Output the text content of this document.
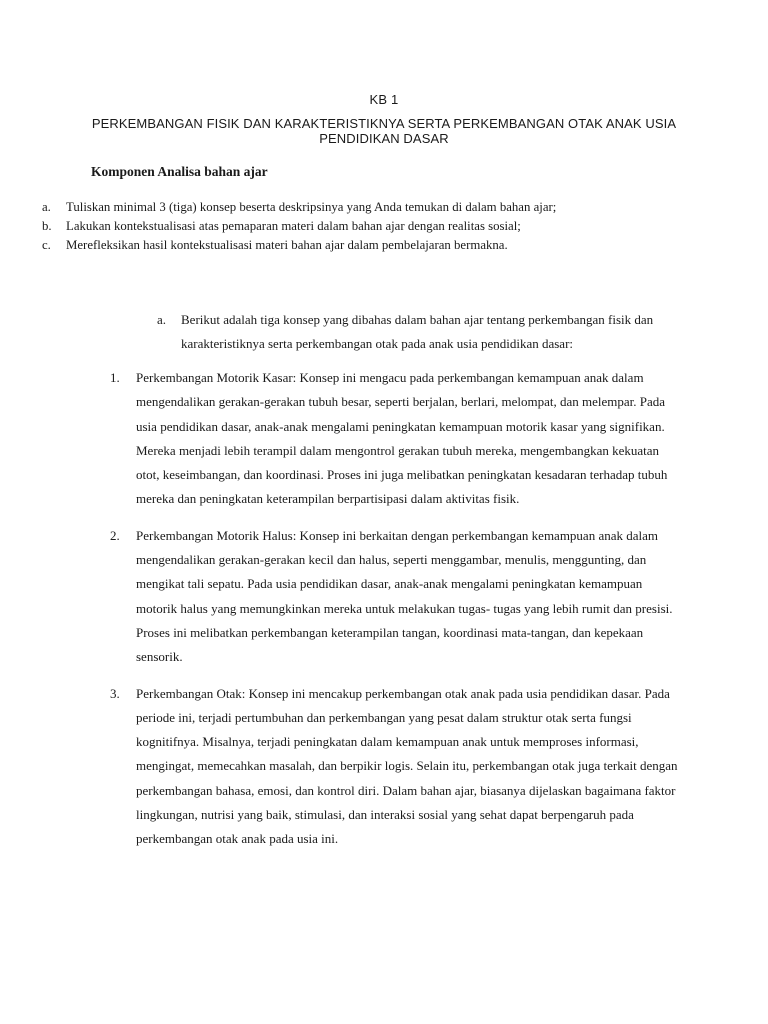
KB 1
PERKEMBANGAN FISIK DAN KARAKTERISTIKNYA SERTA PERKEMBANGAN OTAK ANAK USIA
PENDIDIKAN DASAR
Komponen Analisa bahan ajar
a.	Tuliskan minimal 3 (tiga) konsep beserta deskripsinya yang Anda temukan di dalam bahan ajar;
b.	Lakukan kontekstualisasi atas pemaparan materi dalam bahan ajar dengan realitas sosial;
c.	Merefleksikan hasil kontekstualisasi materi bahan ajar dalam pembelajaran bermakna.
a.	Berikut adalah tiga konsep yang dibahas dalam bahan ajar tentang perkembangan fisik dan karakteristiknya serta perkembangan otak pada anak usia pendidikan dasar:
1.	Perkembangan Motorik Kasar: Konsep ini mengacu pada perkembangan kemampuan anak dalam mengendalikan gerakan-gerakan tubuh besar, seperti berjalan, berlari, melompat, dan melempar. Pada usia pendidikan dasar, anak-anak mengalami peningkatan kemampuan motorik kasar yang signifikan. Mereka menjadi lebih terampil dalam mengontrol gerakan tubuh mereka, mengembangkan kekuatan otot, keseimbangan, dan koordinasi. Proses ini juga melibatkan peningkatan kesadaran terhadap tubuh mereka dan peningkatan keterampilan berpartisipasi dalam aktivitas fisik.
2.	Perkembangan Motorik Halus: Konsep ini berkaitan dengan perkembangan kemampuan anak dalam mengendalikan gerakan-gerakan kecil dan halus, seperti menggambar, menulis, menggunting, dan mengikat tali sepatu. Pada usia pendidikan dasar, anak-anak mengalami peningkatan kemampuan motorik halus yang memungkinkan mereka untuk melakukan tugas- tugas yang lebih rumit dan presisi. Proses ini melibatkan perkembangan keterampilan tangan, koordinasi mata-tangan, dan kepekaan sensorik.
3.	Perkembangan Otak: Konsep ini mencakup perkembangan otak anak pada usia pendidikan dasar. Pada periode ini, terjadi pertumbuhan dan perkembangan yang pesat dalam struktur otak serta fungsi kognitifnya. Misalnya, terjadi peningkatan dalam kemampuan anak untuk memproses informasi, mengingat, memecahkan masalah, dan berpikir logis. Selain itu, perkembangan otak juga terkait dengan perkembangan bahasa, emosi, dan kontrol diri. Dalam bahan ajar, biasanya dijelaskan bagaimana faktor lingkungan, nutrisi yang baik, stimulasi, dan interaksi sosial yang sehat dapat berpengaruh pada perkembangan otak anak pada usia ini.
